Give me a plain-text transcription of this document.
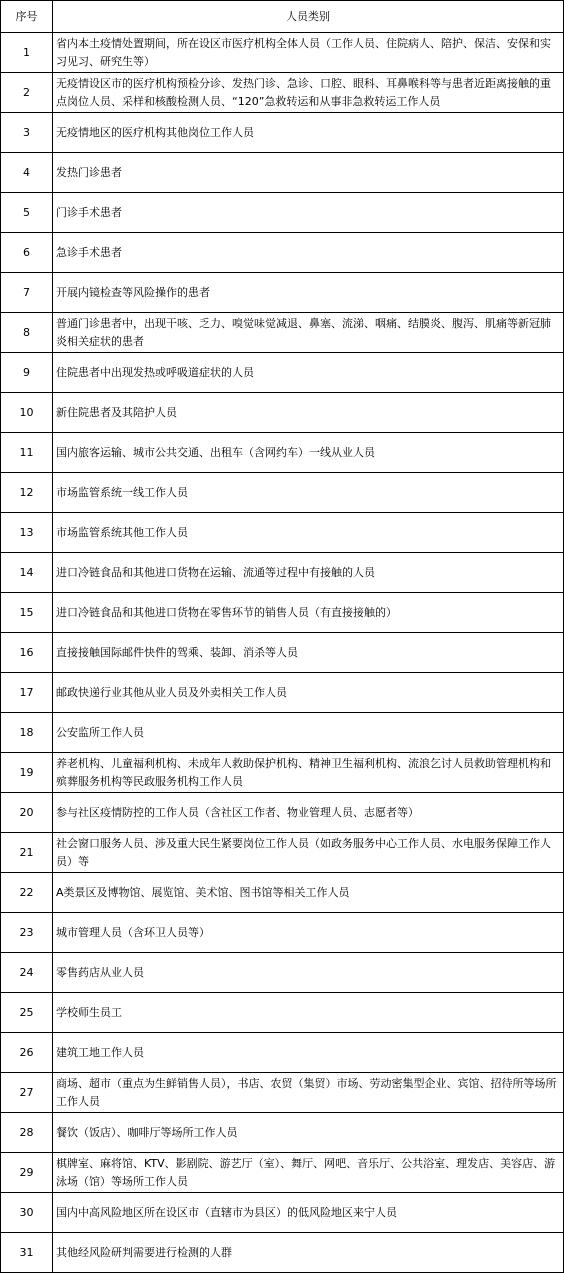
序号	人员类别
1	省内本土疫情处置期间，所在设区市医疗机构全体人员（工作人员、住院病人、陪护、保洁、安保和实习见习、研究生等）
2	无疫情设区市的医疗机构预检分诊、发热门诊、急诊、口腔、眼科、耳鼻喉科等与患者近距离接触的重点岗位人员、采样和核酸检测人员、“120”急救转运和从事非急救转运工作人员
3	无疫情地区的医疗机构其他岗位工作人员
4	发热门诊患者
5	门诊手术患者
6	急诊手术患者
7	开展内镜检查等风险操作的患者
8	普通门诊患者中，出现干咳、乏力、嗅觉味觉减退、鼻塞、流涕、咽痛、结膜炎、腹泻、肌痛等新冠肺炎相关症状的患者
9	住院患者中出现发热或呼吸道症状的人员
10	新住院患者及其陪护人员
11	国内旅客运输、城市公共交通、出租车（含网约车）一线从业人员
12	市场监管系统一线工作人员
13	市场监管系统其他工作人员
14	进口冷链食品和其他进口货物在运输、流通等过程中有接触的人员
15	进口冷链食品和其他进口货物在零售环节的销售人员（有直接接触的）
16	直接接触国际邮件快件的驾乘、装卸、消杀等人员
17	邮政快递行业其他从业人员及外卖相关工作人员
18	公安监所工作人员
19	养老机构、儿童福利机构、未成年人救助保护机构、精神卫生福利机构、流浪乞讨人员救助管理机构和殡葬服务机构等民政服务机构工作人员
20	参与社区疫情防控的工作人员（含社区工作者、物业管理人员、志愿者等）
21	社会窗口服务人员、涉及重大民生紧要岗位工作人员（如政务服务中心工作人员、水电服务保障工作人员）等
22	A类景区及博物馆、展览馆、美术馆、图书馆等相关工作人员
23	城市管理人员（含环卫人员等）
24	零售药店从业人员
25	学校师生员工
26	建筑工地工作人员
27	商场、超市（重点为生鲜销售人员），书店、农贸（集贸）市场、劳动密集型企业、宾馆、招待所等场所工作人员
28	餐饮（饭店）、咖啡厅等场所工作人员
29	棋牌室、麻将馆、KTV、影剧院、游艺厅（室）、舞厅、网吧、音乐厅、公共浴室、理发店、美容店、游泳场（馆）等场所工作人员
30	国内中高风险地区所在设区市（直辖市为县区）的低风险地区来宁人员
31	其他经风险研判需要进行检测的人群
